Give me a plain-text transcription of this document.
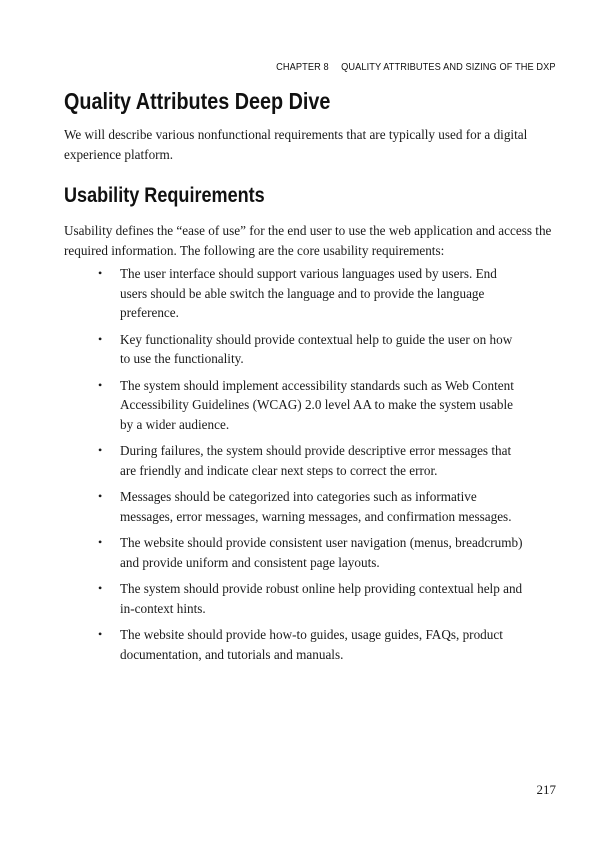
CHAPTER 8 QUALITY ATTRIBUTES AND SIZING OF THE DXP
Quality Attributes Deep Dive

We will describe various nonfunctional requirements that are typically used for a digital experience platform.

Usability Requirements

Usability defines the “ease of use” for the end user to use the web application and access the required information. The following are the core usability requirements:

• The user interface should support various languages used by users. End users should be able switch the language and to provide the language preference.
• Key functionality should provide contextual help to guide the user on how to use the functionality.
• The system should implement accessibility standards such as Web Content Accessibility Guidelines (WCAG) 2.0 level AA to make the system usable by a wider audience.
• During failures, the system should provide descriptive error messages that are friendly and indicate clear next steps to correct the error.
• Messages should be categorized into categories such as informative messages, error messages, warning messages, and confirmation messages.
• The website should provide consistent user navigation (menus, breadcrumb) and provide uniform and consistent page layouts.
• The system should provide robust online help providing contextual help and in-context hints.
• The website should provide how-to guides, usage guides, FAQs, product documentation, and tutorials and manuals.
217
